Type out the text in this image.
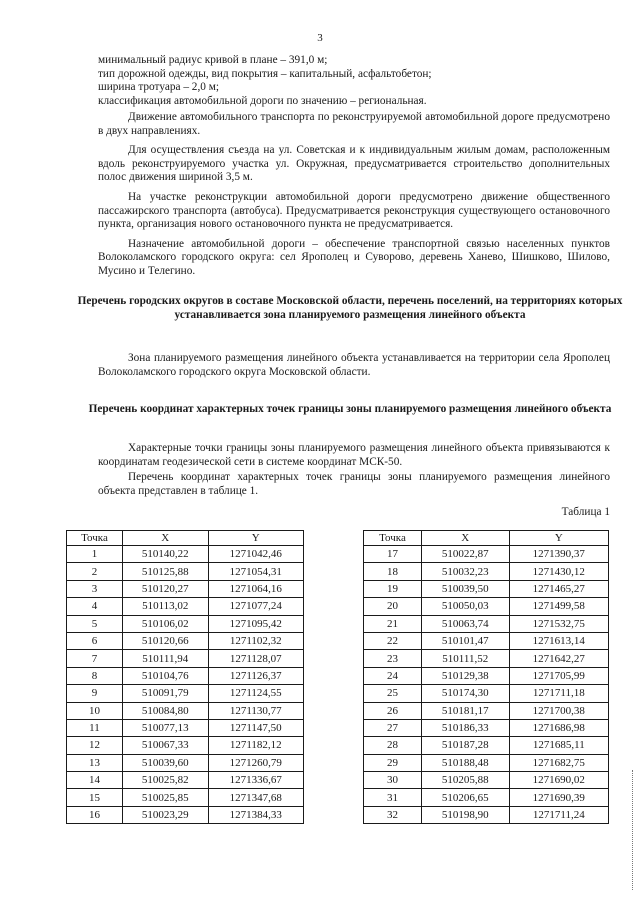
3

минимальный радиус кривой в плане – 391,0 м;

тип дорожной одежды, вид покрытия – капитальный, асфальтобетон;

ширина тротуара – 2,0 м;

классификация автомобильной дороги по значению – региональная.

Движение автомобильного транспорта по реконструируемой автомобильной дороге предусмотрено в двух направлениях.

Для осуществления съезда на ул. Советская и к индивидуальным жилым домам, расположенным вдоль реконструируемого участка ул. Окружная, предусматривается строительство дополнительных полос движения шириной 3,5 м.

На участке реконструкции автомобильной дороги предусмотрено движение общественного пассажирского транспорта (автобуса). Предусматривается реконструкция существующего остановочного пункта, организация нового остановочного пункта не предусматривается.

Назначение автомобильной дороги – обеспечение транспортной связью населенных пунктов Волоколамского городского округа: сел Ярополец и Суворово, деревень Ханево, Шишково, Шилово, Мусино и Телегино.

Перечень городских округов в составе Московской области, перечень поселений, на территориях которых устанавливается зона планируемого размещения линейного объекта

Зона планируемого размещения линейного объекта устанавливается на территории села Ярополец Волоколамского городского округа Московской области.

Перечень координат характерных точек границы зоны планируемого размещения линейного объекта

Характерные точки границы зоны планируемого размещения линейного объекта привязываются к координатам геодезической сети в системе координат МСК-50.

Перечень координат характерных точек границы зоны планируемого размещения линейного объекта представлен в таблице 1.

Таблица 1
Точка	X	Y
1	510140,22	1271042,46
2	510125,88	1271054,31
3	510120,27	1271064,16
4	510113,02	1271077,24
5	510106,02	1271095,42
6	510120,66	1271102,32
7	510111,94	1271128,07
8	510104,76	1271126,37
9	510091,79	1271124,55
10	510084,80	1271130,77
11	510077,13	1271147,50
12	510067,33	1271182,12
13	510039,60	1271260,79
14	510025,82	1271336,67
15	510025,85	1271347,68
16	510023,29	1271384,33
Точка	X	Y
17	510022,87	1271390,37
18	510032,23	1271430,12
19	510039,50	1271465,27
20	510050,03	1271499,58
21	510063,74	1271532,75
22	510101,47	1271613,14
23	510111,52	1271642,27
24	510129,38	1271705,99
25	510174,30	1271711,18
26	510181,17	1271700,38
27	510186,33	1271686,98
28	510187,28	1271685,11
29	510188,48	1271682,75
30	510205,88	1271690,02
31	510206,65	1271690,39
32	510198,90	1271711,24
